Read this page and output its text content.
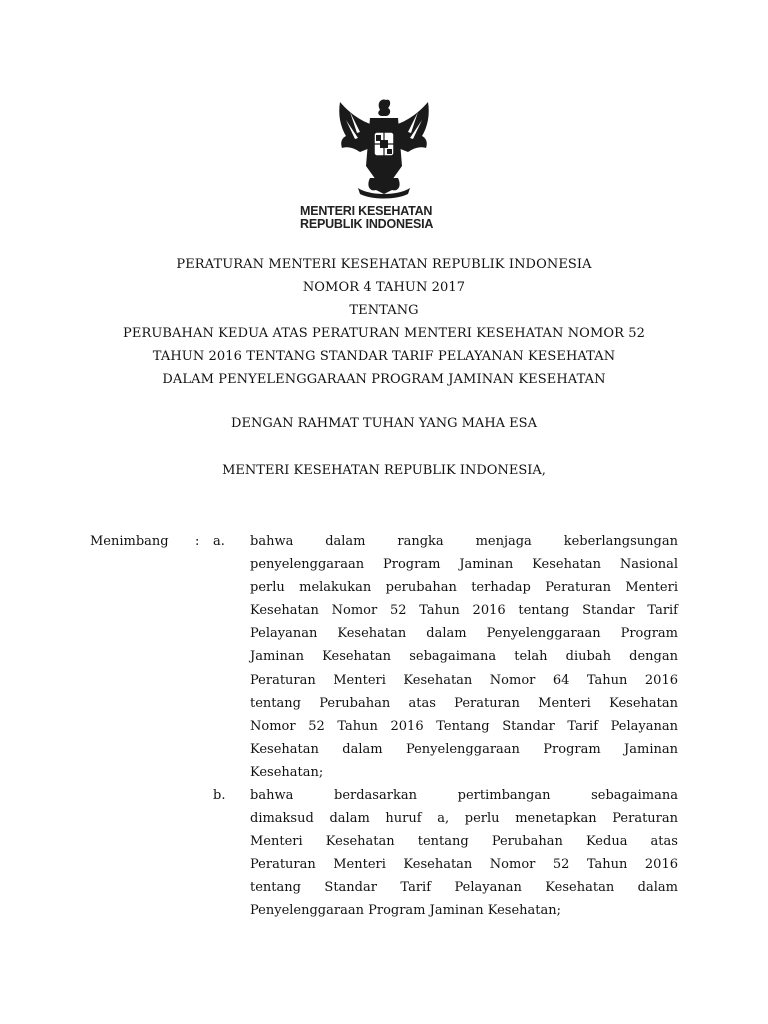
MENTERI KESEHATAN
REPUBLIK INDONESIA
PERATURAN MENTERI KESEHATAN REPUBLIK INDONESIA
NOMOR 4 TAHUN 2017
TENTANG
PERUBAHAN KEDUA ATAS PERATURAN MENTERI KESEHATAN NOMOR 52
TAHUN 2016 TENTANG STANDAR TARIF PELAYANAN KESEHATAN
DALAM PENYELENGGARAAN PROGRAM JAMINAN KESEHATAN
DENGAN RAHMAT TUHAN YANG MAHA ESA
MENTERI KESEHATAN REPUBLIK INDONESIA,
Menimbang : a. bahwa dalam rangka menjaga keberlangsungan
penyelenggaraan Program Jaminan Kesehatan Nasional
perlu melakukan perubahan terhadap Peraturan Menteri
Kesehatan Nomor 52 Tahun 2016 tentang Standar Tarif
Pelayanan Kesehatan dalam Penyelenggaraan Program
Jaminan Kesehatan sebagaimana telah diubah dengan
Peraturan Menteri Kesehatan Nomor 64 Tahun 2016
tentang Perubahan atas Peraturan Menteri Kesehatan
Nomor 52 Tahun 2016 Tentang Standar Tarif Pelayanan
Kesehatan dalam Penyelenggaraan Program Jaminan
Kesehatan;
b. bahwa	berdasarkan	pertimbangan	sebagaimana
dimaksud dalam huruf a, perlu menetapkan Peraturan
Menteri Kesehatan tentang Perubahan Kedua atas
Peraturan Menteri Kesehatan Nomor 52 Tahun 2016
tentang Standar Tarif Pelayanan Kesehatan dalam
Penyelenggaraan Program Jaminan Kesehatan;
